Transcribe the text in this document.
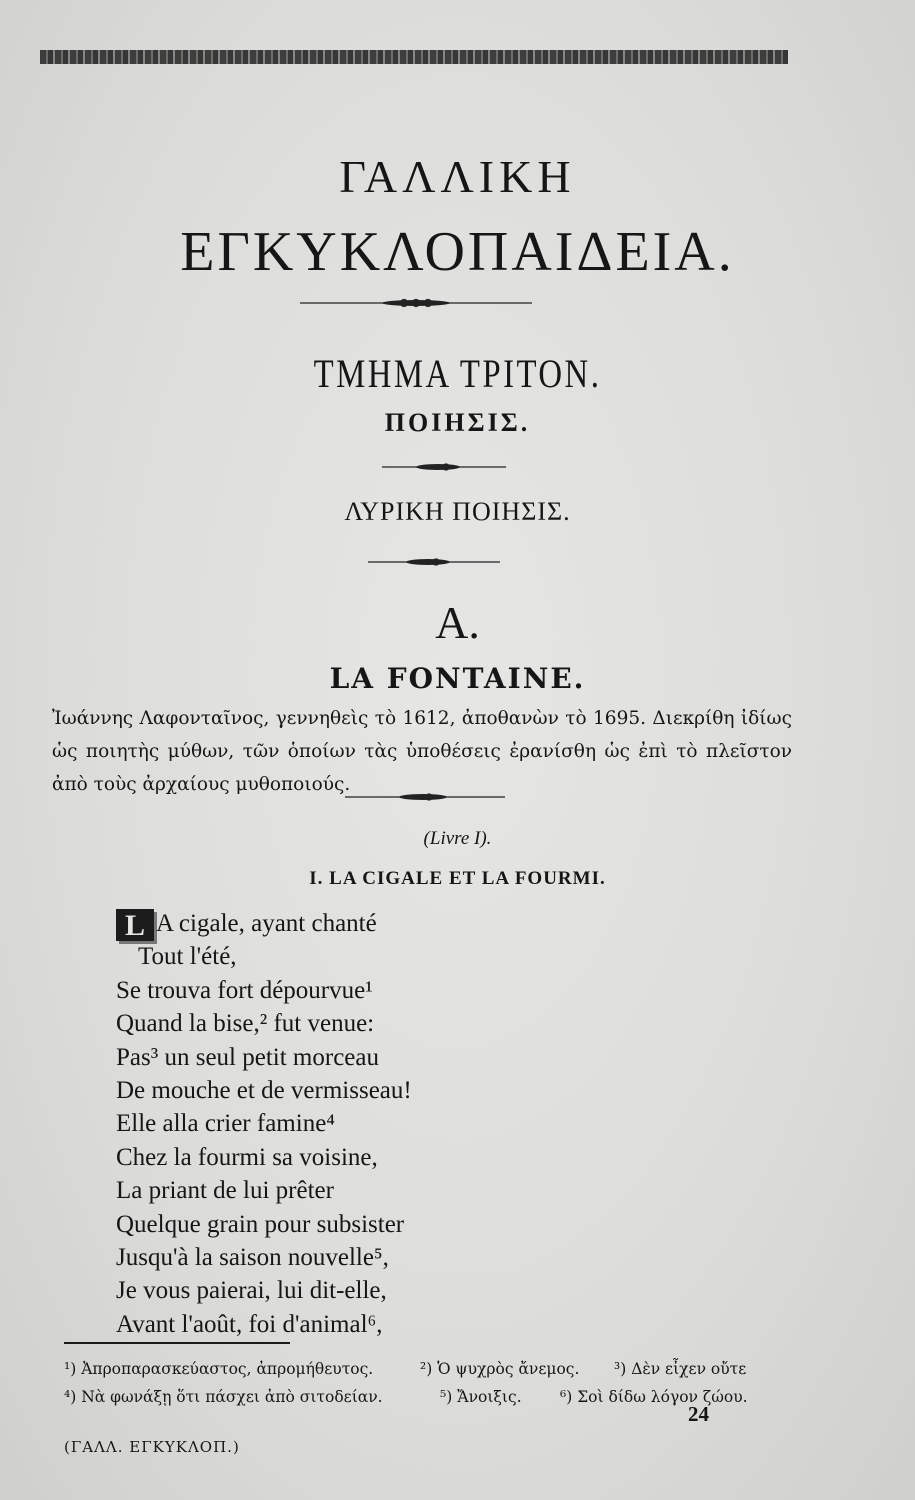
ΓΑΛΛΙΚΗ
ΕΓΚΥΚΛΟΠΑΙΔΕΙΑ.
ΤΜΗΜΑ ΤΡΙΤΟΝ.
ΠΟΙΗΣΙΣ.
ΛΥΡΙΚΗ ΠΟΙΗΣΙΣ.
Α.
LA FONTAINE.
Ἰωάννης Λαφονταῖνος, γεννηθεὶς τὸ 1612, ἀποθανὼν τὸ 1695. Διεκρίθη ἰδίως ὡς ποιητὴς μύθων, τῶν ὁποίων τὰς ὑποθέσεις ἐρανίσθη ὡς ἐπὶ τὸ πλεῖστον ἀπὸ τοὺς ἀρχαίους μυθοποιούς.
(Livre I).
I. LA CIGALE ET LA FOURMI.
L A cigale, ayant chanté
Tout l'été,
Se trouva fort dépourvue¹
Quand la bise,² fut venue:
Pas³ un seul petit morceau
De mouche et de vermisseau!
Elle alla crier famine⁴
Chez la fourmi sa voisine,
La priant de lui prêter
Quelque grain pour subsister
Jusqu'à la saison nouvelle⁵,
Je vous paierai, lui dit-elle,
Avant l'août, foi d'animal⁶,
¹) Ἀπροπαρασκεύαστος, ἀπρομήθευτος.	²) Ὁ ψυχρὸς ἄνεμος. ³) Δὲν εἶχεν οὔτε
⁴) Νὰ φωνάξῃ ὅτι πάσχει ἀπὸ σιτοδείαν.	⁵) Ἄνοιξις. ⁶) Σοὶ δίδω λόγον ζώου.
24
(ΓΑΛΛ. ΕΓΚΥΚΛΟΠ.)
